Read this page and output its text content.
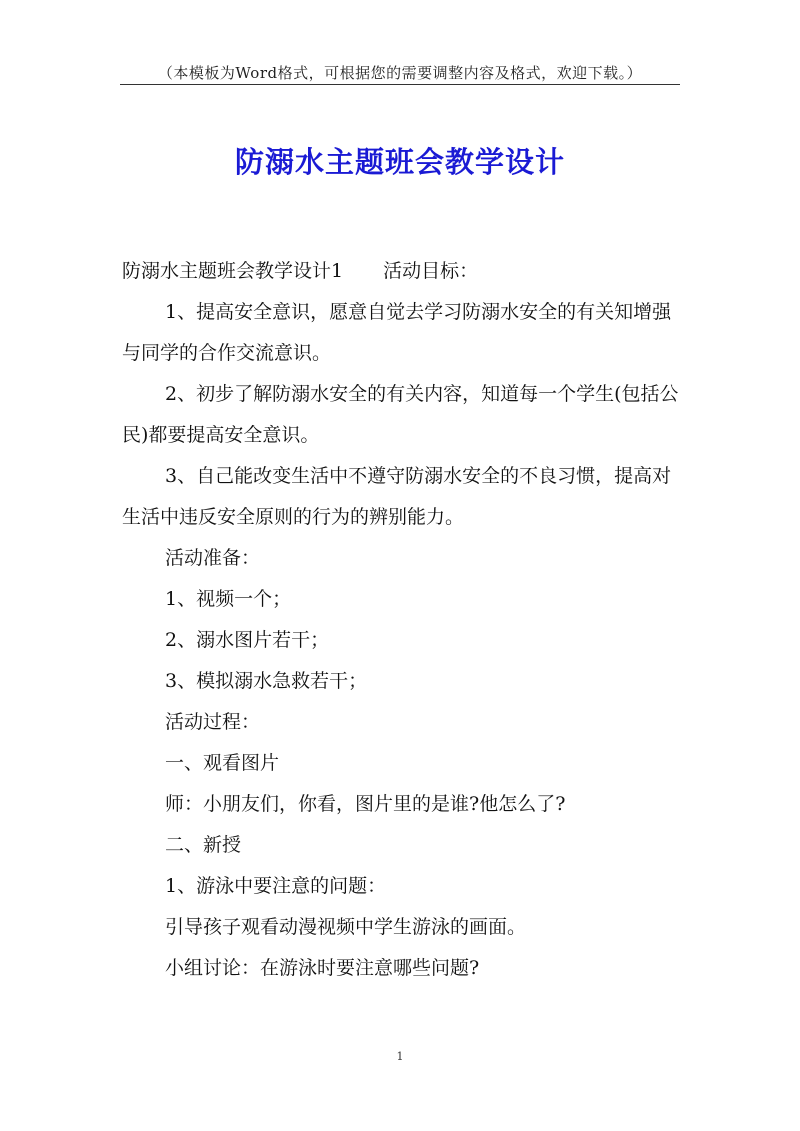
（本模板为Word格式，可根据您的需要调整内容及格式，欢迎下载。）
防溺水主题班会教学设计

防溺水主题班会教学设计1 活动目标：

1、提高安全意识，愿意自觉去学习防溺水安全的有关知增强与同学的合作交流意识。

2、初步了解防溺水安全的有关内容，知道每一个学生(包括公民)都要提高安全意识。

3、自己能改变生活中不遵守防溺水安全的不良习惯，提高对生活中违反安全原则的行为的辨别能力。

活动准备：

1、视频一个；

2、溺水图片若干；

3、模拟溺水急救若干；

活动过程：

一、观看图片

师：小朋友们，你看，图片里的是谁?他怎么了?

二、新授

1、游泳中要注意的问题：

引导孩子观看动漫视频中学生游泳的画面。

小组讨论：在游泳时要注意哪些问题?

1
